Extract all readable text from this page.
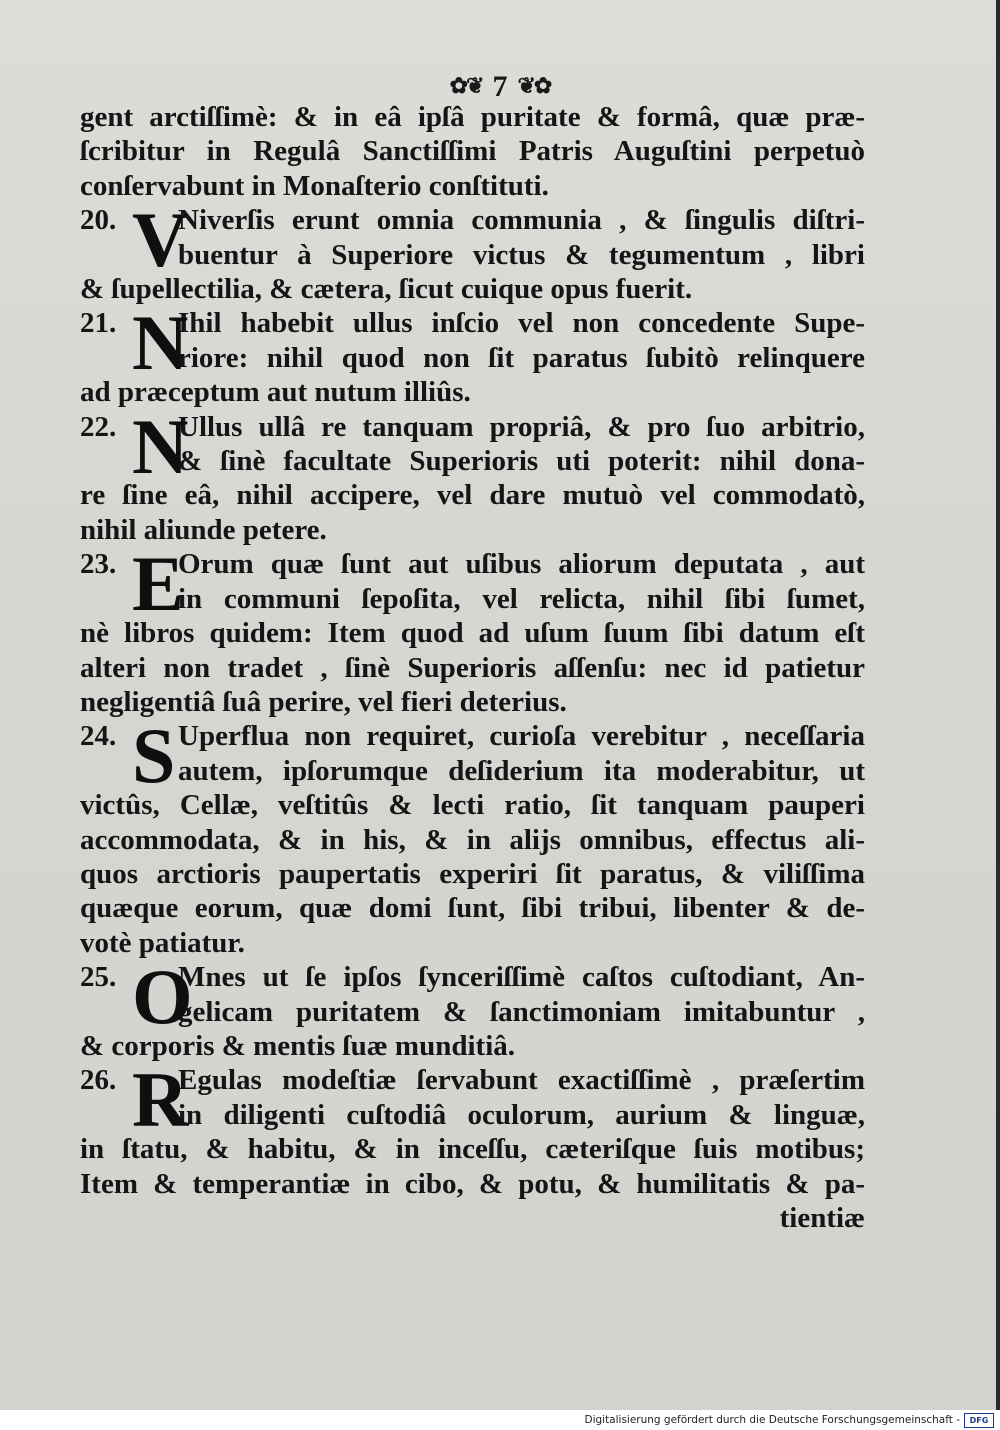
✿❦ 7 ❦✿
gent arctiſſimè: & in eâ ipſâ puritate & formâ, quæ præ-
ſcribitur in Regulâ Sanctiſſimi Patris Auguſtini perpetuò
conſervabunt in Monaſterio conſtituti.
V
20. Niverſis erunt omnia communia , & ſingulis diſtri-
buentur à Superiore victus & tegumentum , libri
& ſupellectilia, & cætera, ſicut cuique opus fuerit.
N
21. Ihil habebit ullus inſcio vel non concedente Supe-
riore: nihil quod non ſit paratus ſubitò relinquere
ad præceptum aut nutum illiûs.
N
22. Ullus ullâ re tanquam propriâ, & pro ſuo arbitrio,
& ſinè facultate Superioris uti poterit: nihil dona-
re ſine eâ, nihil accipere, vel dare mutuò vel commodatò,
nihil aliunde petere.
E
23. Orum quæ ſunt aut uſibus aliorum deputata , aut
in communi ſepoſita, vel relicta, nihil ſibi ſumet,
nè libros quidem: Item quod ad uſum ſuum ſibi datum eſt
alteri non tradet , ſinè Superioris aſſenſu: nec id patietur
negligentiâ ſuâ perire, vel fieri deterius.
S
24. Uperflua non requiret, curioſa verebitur , neceſſaria
autem, ipſorumque deſiderium ita moderabitur, ut
victûs, Cellæ, veſtitûs & lecti ratio, ſit tanquam pauperi
accommodata, & in his, & in alijs omnibus, effectus ali-
quos arctioris paupertatis experiri ſit paratus, & viliſſima
quæque eorum, quæ domi ſunt, ſibi tribui, libenter & de-
votè patiatur.
O
25. Mnes ut ſe ipſos ſynceriſſimè caſtos cuſtodiant, An-
gelicam puritatem & ſanctimoniam imitabuntur ,
& corporis & mentis ſuæ munditiâ.
R
26. Egulas modeſtiæ ſervabunt exactiſſimè , præſertim
in diligenti cuſtodiâ oculorum, aurium & linguæ,
in ſtatu, & habitu, & in inceſſu, cæteriſque ſuis motibus;
Item & temperantiæ in cibo, & potu, & humilitatis & pa-
tientiæ
Digitalisierung gefördert durch die Deutsche Forschungsgemeinschaft -	DFG
